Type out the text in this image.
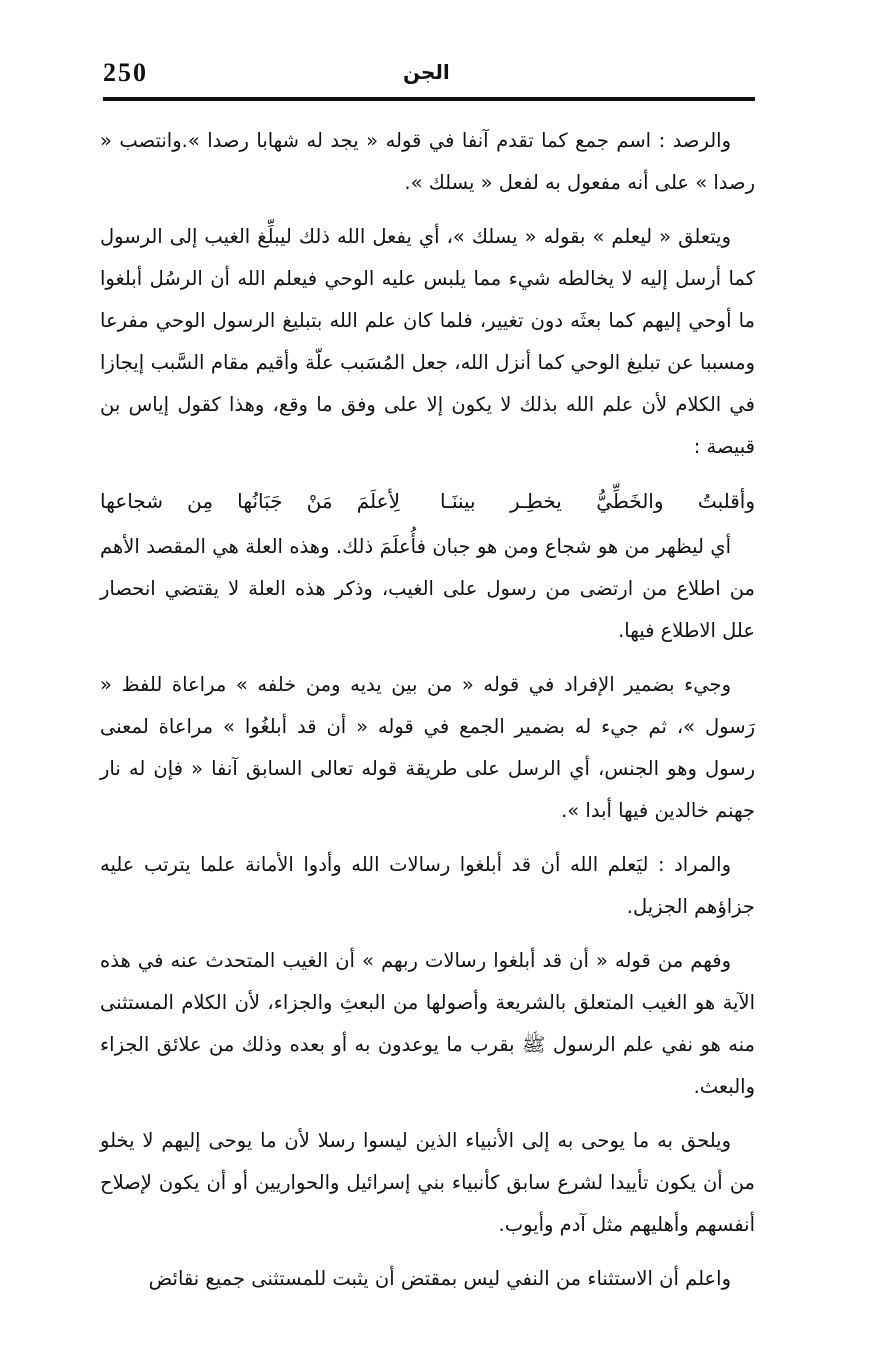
250	الجن

والرصد : اسم جمع كما تقدم آنفا في قوله « يجد له شهابا رصدا ».وانتصب « رصدا » على أنه مفعول به لفعل « يسلك ».

ويتعلق « ليعلم » بقوله « يسلك »، أي يفعل الله ذلك ليبلِّغ الغيب إلى الرسول كما أرسل إليه لا يخالطه شيء مما يلبس عليه الوحي فيعلم الله أن الرسُل أبلغوا ما أوحي إليهم كما بعثَه دون تغيير، فلما كان علم الله بتبليغ الرسول الوحي مفرعا ومسببا عن تبليغ الوحي كما أنزل الله، جعل المُسَبب علّة وأقيم مقام السَّبب إيجازا في الكلام لأن علم الله بذلك لا يكون إلا على وفق ما وقع، وهذا كقول إياس بن قبيصة :

وأقلبتُ والخَطِّيُّ يخطِـر بيننَـا
لِأعلَمَ مَنْ جَبَانُها مِن شجاعها

أي ليظهر من هو شجاع ومن هو جبان فأُعلَمَ ذلك. وهذه العلة هي المقصد الأهم من اطلاع من ارتضى من رسول على الغيب، وذكر هذه العلة لا يقتضي انحصار علل الاطلاع فيها.

وجيء بضمير الإفراد في قوله « من بين يديه ومن خلفه » مراعاة للفظ « رَسول »، ثم جيء له بضمير الجمع في قوله « أن قد أبلغُوا » مراعاة لمعنى رسول وهو الجنس، أي الرسل على طريقة قوله تعالى السابق آنفا « فإن له نار جهنم خالدين فيها أبدا ».

والمراد : ليَعلم الله أن قد أبلغوا رسالات الله وأدوا الأمانة علما يترتب عليه جزاؤهم الجزيل.

وفهم من قوله « أن قد أبلغوا رسالات ربهم » أن الغيب المتحدث عنه في هذه الآية هو الغيب المتعلق بالشريعة وأصولها من البعثِ والجزاء، لأن الكلام المستثنى منه هو نفي علم الرسول ﷺ بقرب ما يوعدون به أو بعده وذلك من علائق الجزاء والبعث.

ويلحق به ما يوحى به إلى الأنبياء الذين ليسوا رسلا لأن ما يوحى إليهم لا يخلو من أن يكون تأييدا لشرع سابق كأنبياء بني إسرائيل والحواريين أو أن يكون لإصلاح أنفسهم وأهليهم مثل آدم وأيوب.

واعلم أن الاستثناء من النفي ليس بمقتض أن يثبت للمستثنى جميع نقائض
